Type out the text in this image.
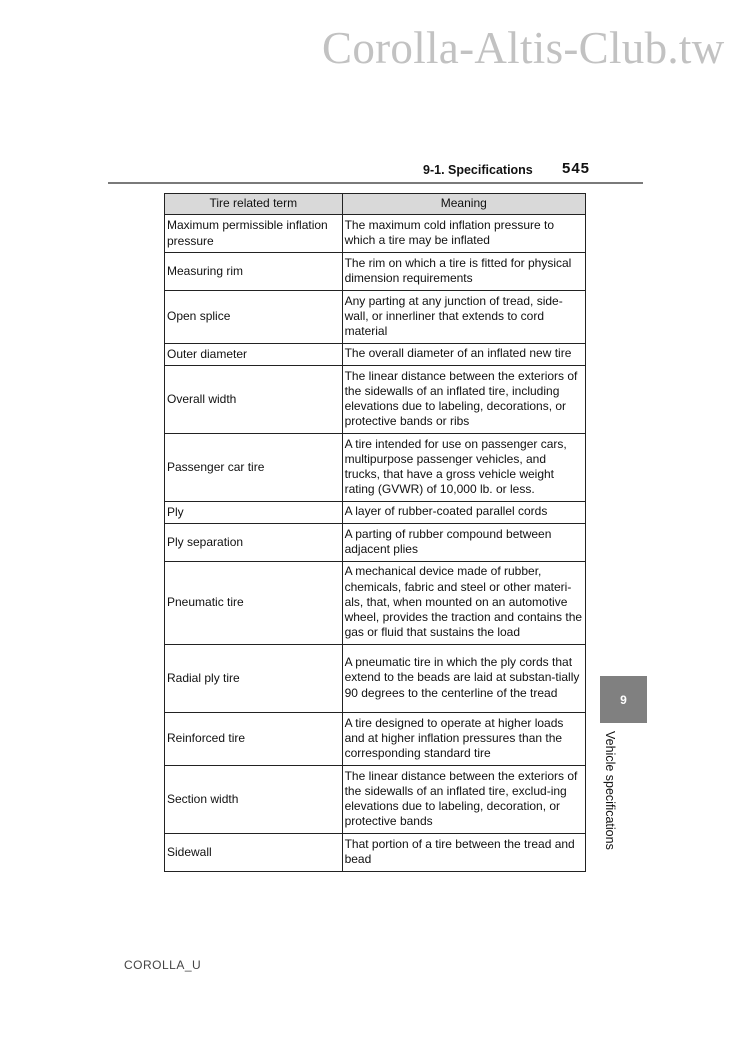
Corolla-Altis-Club.tw
9-1. Specifications 545
Tire related term	Meaning
Maximum permissible inflation pressure	The maximum cold inflation pressure to which a tire may be inflated
Measuring rim	The rim on which a tire is fitted for physical dimension requirements
Open splice	Any parting at any junction of tread, side-wall, or innerliner that extends to cord material
Outer diameter	The overall diameter of an inflated new tire
Overall width	The linear distance between the exteriors of the sidewalls of an inflated tire, including elevations due to labeling, decorations, or protective bands or ribs
Passenger car tire	A tire intended for use on passenger cars, multipurpose passenger vehicles, and trucks, that have a gross vehicle weight rating (GVWR) of 10,000 lb. or less.
Ply	A layer of rubber-coated parallel cords
Ply separation	A parting of rubber compound between adjacent plies
Pneumatic tire	A mechanical device made of rubber, chemicals, fabric and steel or other materi-als, that, when mounted on an automotive wheel, provides the traction and contains the gas or fluid that sustains the load
Radial ply tire	A pneumatic tire in which the ply cords that extend to the beads are laid at substan-tially 90 degrees to the centerline of the tread
Reinforced tire	A tire designed to operate at higher loads and at higher inflation pressures than the corresponding standard tire
Section width	The linear distance between the exteriors of the sidewalls of an inflated tire, exclud-ing elevations due to labeling, decoration, or protective bands
Sidewall	That portion of a tire between the tread and bead
9
Vehicle specifications
COROLLA_U
